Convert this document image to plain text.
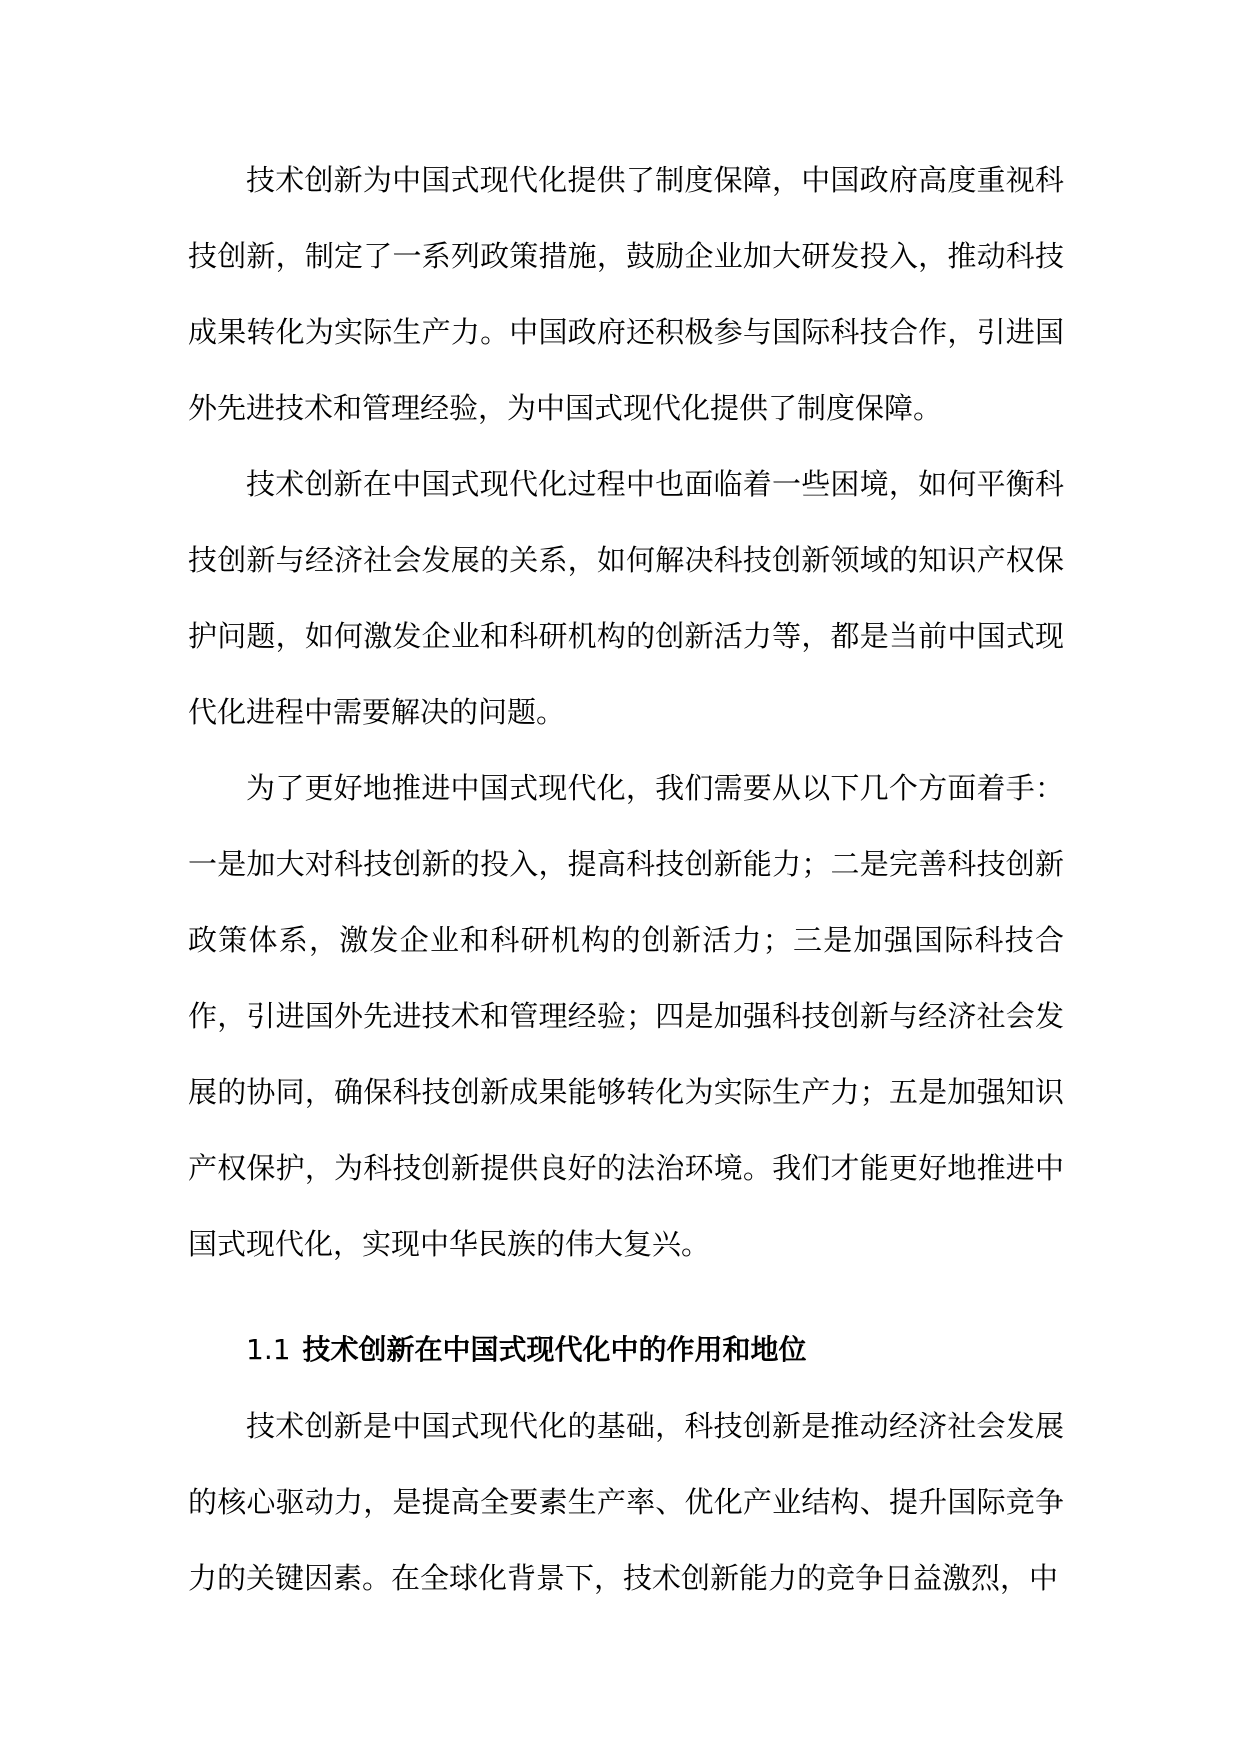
技术创新为中国式现代化提供了制度保障，中国政府高度重视科技创新，制定了一系列政策措施，鼓励企业加大研发投入，推动科技成果转化为实际生产力。中国政府还积极参与国际科技合作，引进国外先进技术和管理经验，为中国式现代化提供了制度保障。

技术创新在中国式现代化过程中也面临着一些困境，如何平衡科技创新与经济社会发展的关系，如何解决科技创新领域的知识产权保护问题，如何激发企业和科研机构的创新活力等，都是当前中国式现代化进程中需要解决的问题。

为了更好地推进中国式现代化，我们需要从以下几个方面着手：一是加大对科技创新的投入，提高科技创新能力；二是完善科技创新政策体系，激发企业和科研机构的创新活力；三是加强国际科技合作，引进国外先进技术和管理经验；四是加强科技创新与经济社会发展的协同，确保科技创新成果能够转化为实际生产力；五是加强知识产权保护，为科技创新提供良好的法治环境。我们才能更好地推进中国式现代化，实现中华民族的伟大复兴。

1.1 技术创新在中国式现代化中的作用和地位

技术创新是中国式现代化的基础，科技创新是推动经济社会发展的核心驱动力，是提高全要素生产率、优化产业结构、提升国际竞争力的关键因素。在全球化背景下，技术创新能力的竞争日益激烈，中
